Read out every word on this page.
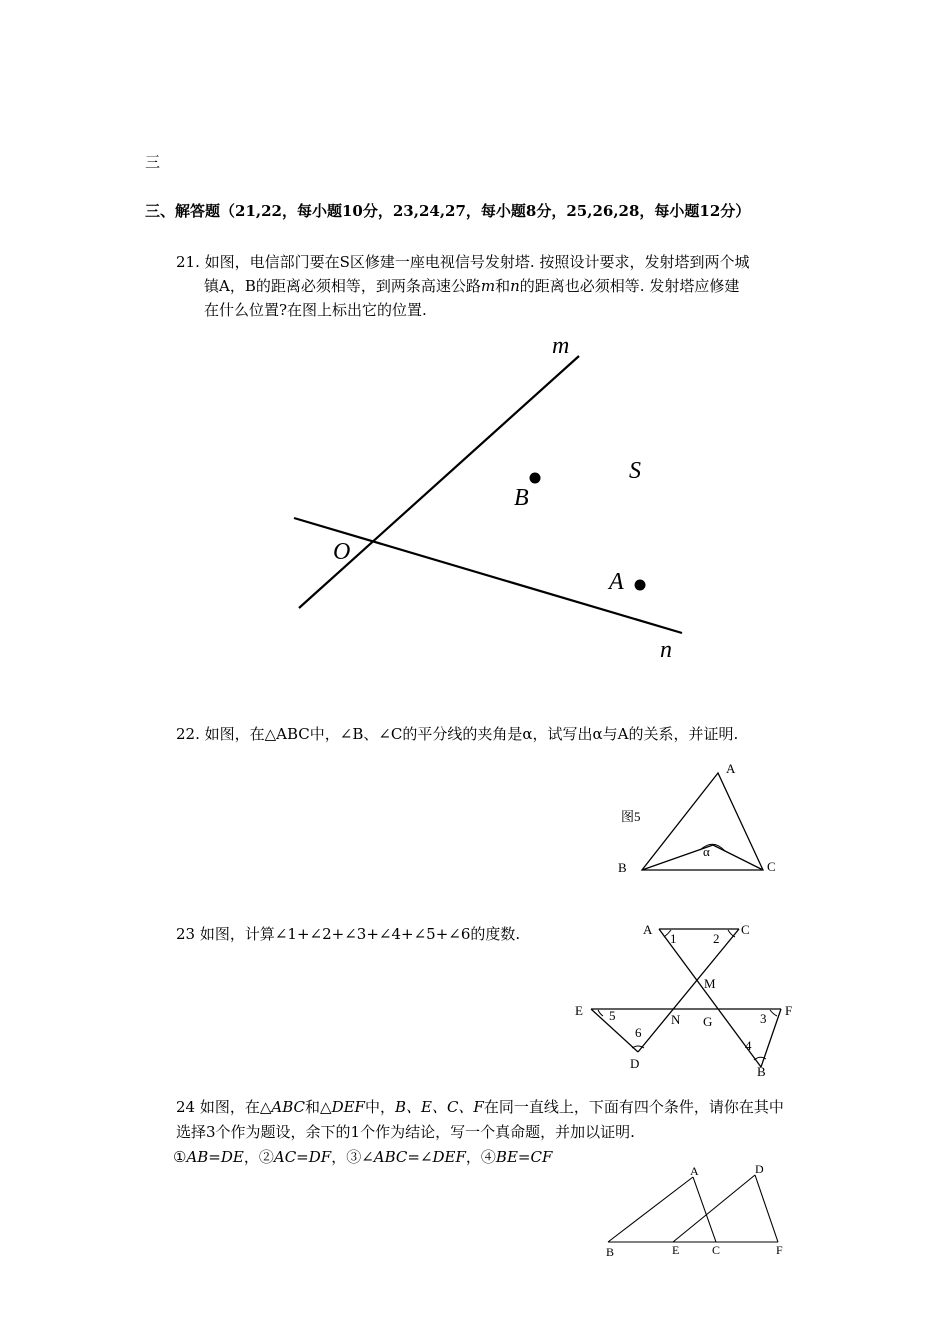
三
三、解答题（21,22，每小题10分，23,24,27，每小题8分，25,26,28，每小题12分）
21. 如图，电信部门要在S区修建一座电视信号发射塔. 按照设计要求，发射塔到两个城
镇A，B的距离必须相等，到两条高速公路m和n的距离也必须相等. 发射塔应修建
在什么位置?在图上标出它的位置.
m
n
O
B
S
A
22. 如图，在△ABC中，∠B、∠C的平分线的夹角是α，试写出α与A的关系，并证明.
α
A
B	C
图5
23 如图，计算∠1+∠2+∠3+∠4+∠5+∠6的度数.	A	C
1	2
M
E 5	N G	3
F
6
4
D
B
24 如图，在△ABC和△DEF中，B、E、C、F在同一直线上，下面有四个条件，请你在其中
选择3个作为题设，余下的1个作为结论，写一个真命题，并加以证明.
①AB=DE，②AC=DF，③∠ABC=∠DEF，④BE=CF
A	D
B	E	C	F
